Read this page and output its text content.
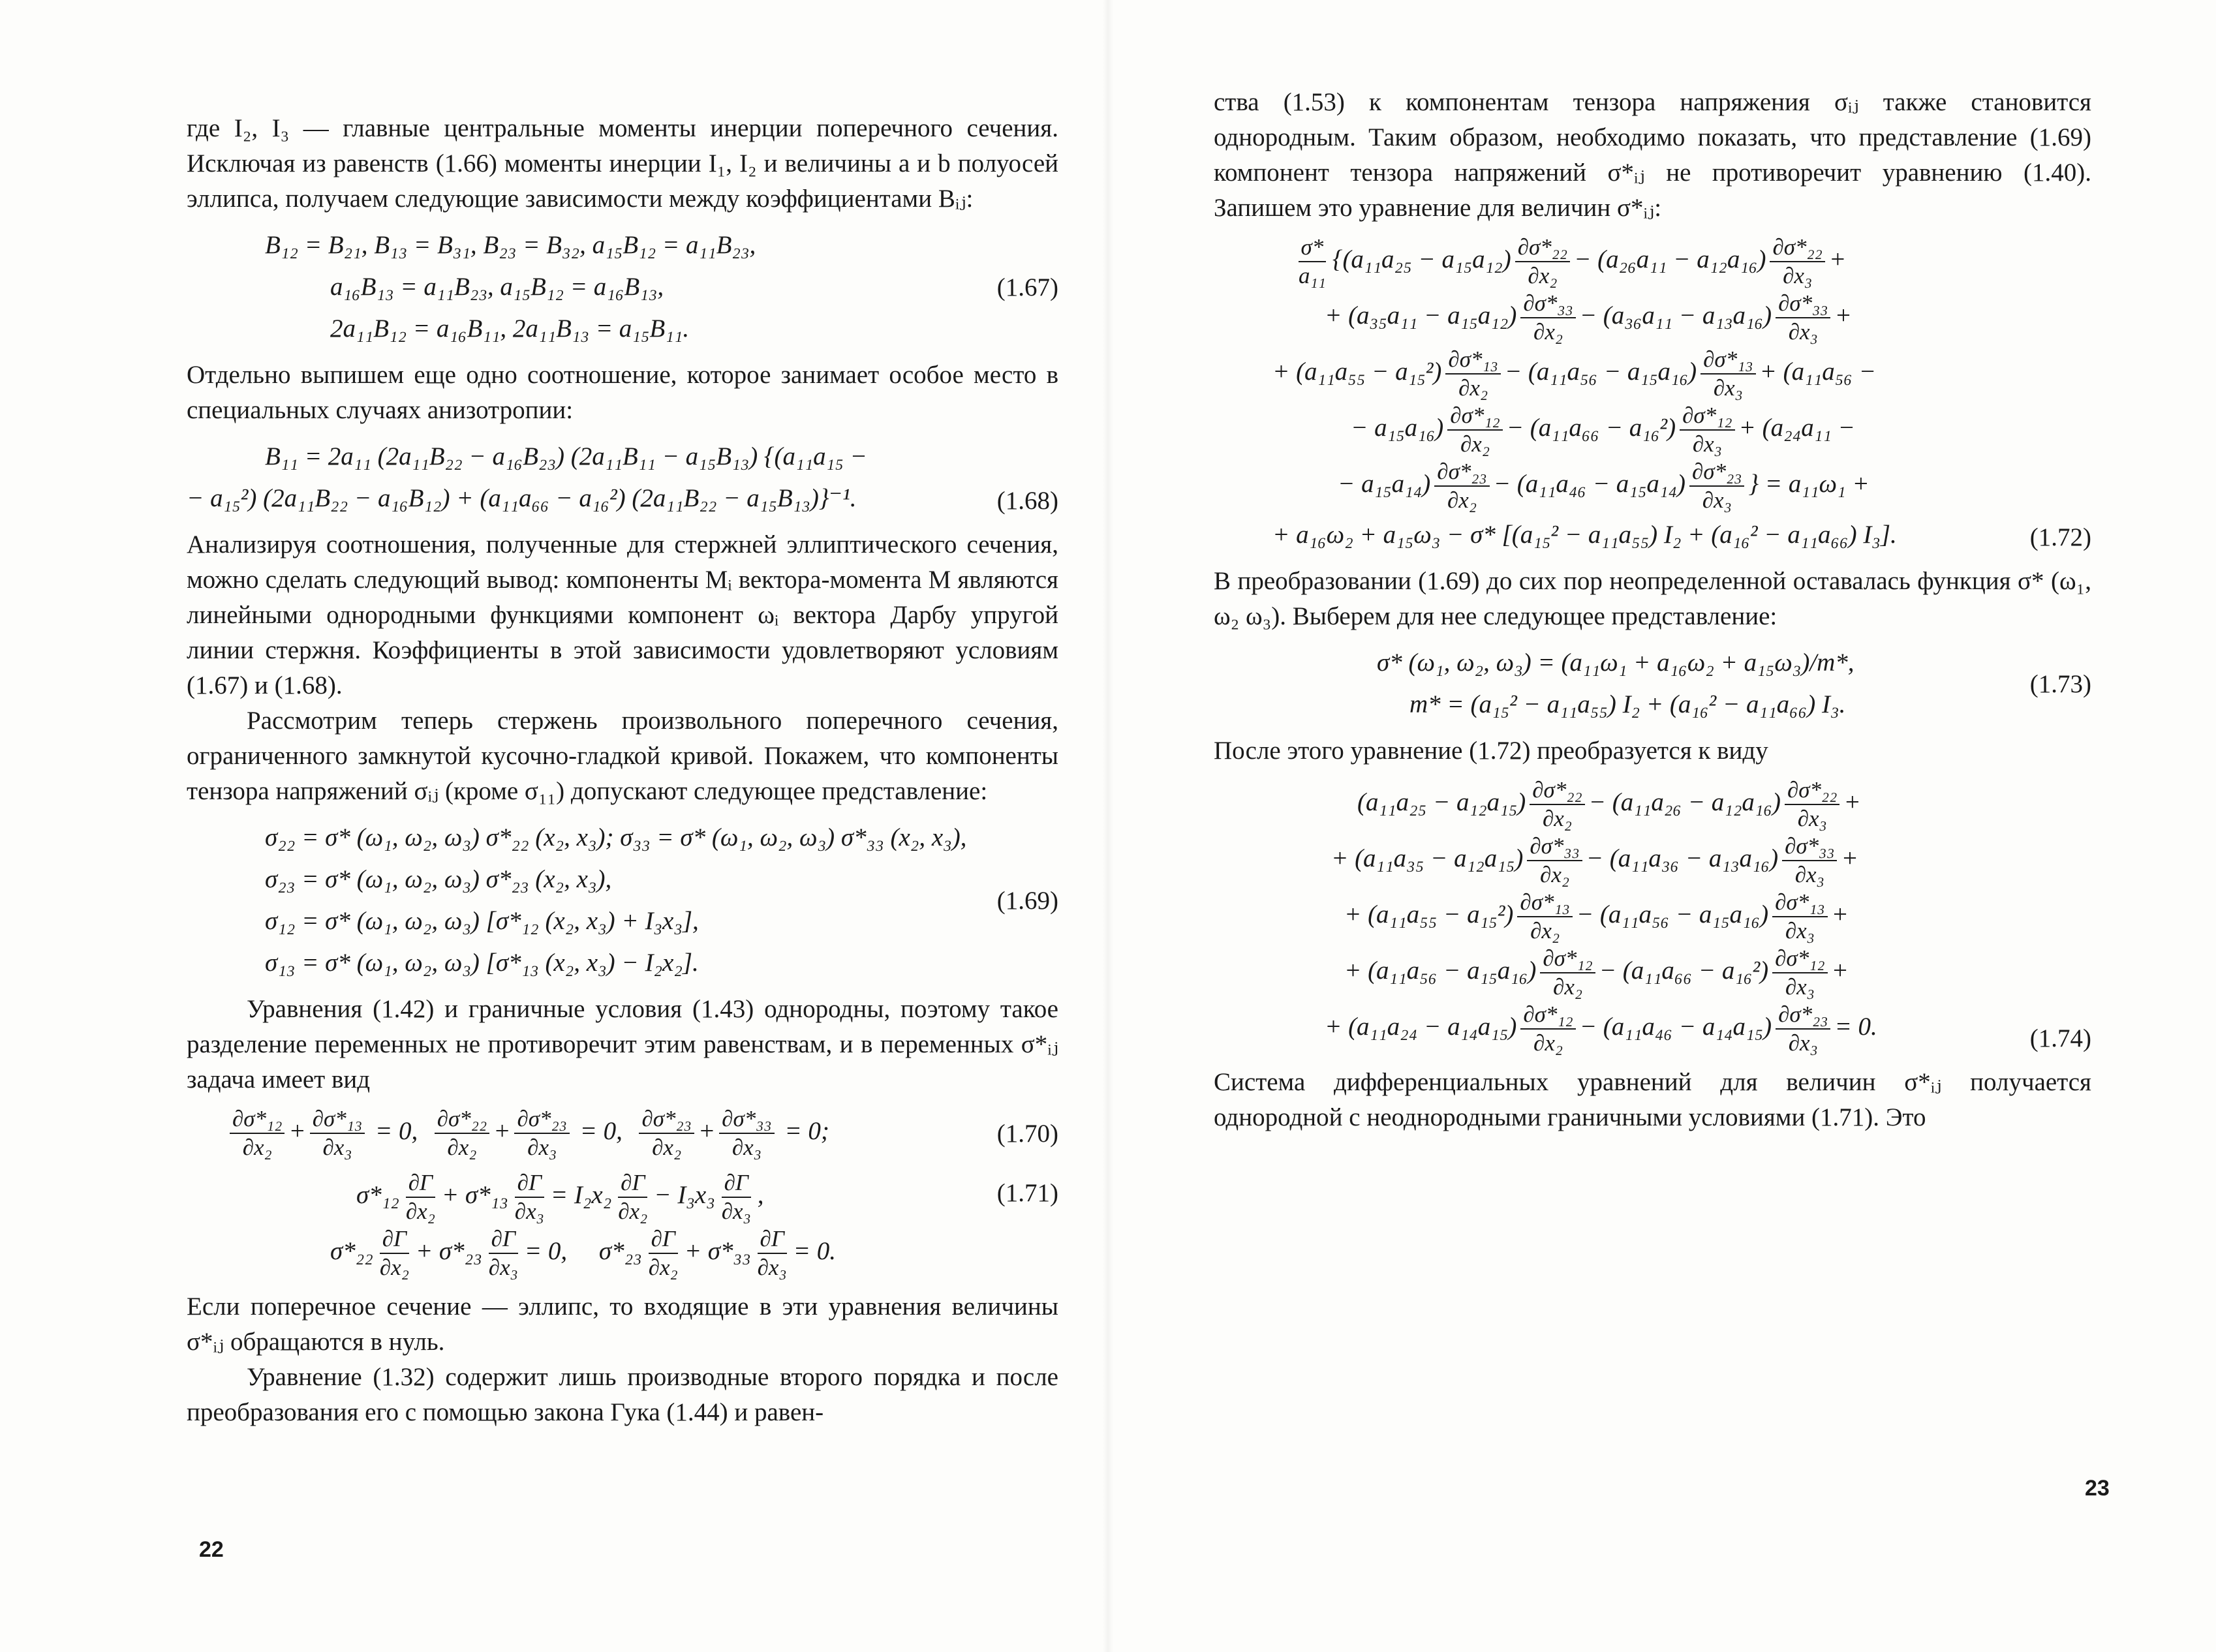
где I₂, I₃ — главные центральные моменты инерции поперечного сечения. Исключая из равенств (1.66) моменты инерции I₁, I₂ и величины a и b полуосей эллипса, получаем следующие зависимости между коэффициентами Bᵢⱼ:

B₁₂ = B₂₁, B₁₃ = B₃₁, B₂₃ = B₃₂, a₁₅B₁₂ = a₁₁B₂₃,
a₁₆B₁₃ = a₁₁B₂₃, a₁₅B₁₂ = a₁₆B₁₃,
2a₁₁B₁₂ = a₁₆B₁₁, 2a₁₁B₁₃ = a₁₅B₁₁.
(1.67)

Отдельно выпишем еще одно соотношение, которое занимает особое место в специальных случаях анизотропии:

B₁₁ = 2a₁₁ (2a₁₁B₂₂ − a₁₆B₂₃) (2a₁₁B₁₁ − a₁₅B₁₃) {(a₁₁a₁₅ −
− a₁₅²) (2a₁₁B₂₂ − a₁₆B₁₂) + (a₁₁a₆₆ − a₁₆²) (2a₁₁B₂₂ − a₁₅B₁₃)}⁻¹.	(1.68)

Анализируя соотношения, полученные для стержней эллиптического сечения, можно сделать следующий вывод: компоненты Mᵢ вектора-момента M являются линейными однородными функциями компонент ωᵢ вектора Дарбу упругой линии стержня. Коэффициенты в этой зависимости удовлетворяют условиям (1.67) и (1.68).

Рассмотрим теперь стержень произвольного поперечного сечения, ограниченного замкнутой кусочно-гладкой кривой. Покажем, что компоненты тензора напряжений σᵢⱼ (кроме σ₁₁) допускают следующее представление:

σ₂₂ = σ* (ω₁, ω₂, ω₃) σ*₂₂ (x₂, x₃); σ₃₃ = σ* (ω₁, ω₂, ω₃) σ*₃₃ (x₂, x₃),
σ₂₃ = σ* (ω₁, ω₂, ω₃) σ*₂₃ (x₂, x₃),
σ₁₂ = σ* (ω₁, ω₂, ω₃) [σ*₁₂ (x₂, x₃) + I₃x₃],
σ₁₃ = σ* (ω₁, ω₂, ω₃) [σ*₁₃ (x₂, x₃) − I₂x₂].
(1.69)

Уравнения (1.42) и граничные условия (1.43) однородны, поэтому такое разделение переменных не противоречит этим равенствам, и в переменных σ*ᵢⱼ задача имеет вид

$\frac{\text{∂σ*₁₂}}{\text{∂x₂}} + \frac{\text{∂σ*₁₃}}{\text{∂x₃}} = 0$, $\frac{\text{∂σ*₂₂}}{\text{∂x₂}} + \frac{\text{∂σ*₂₃}}{\text{∂x₃}} = 0$, $\frac{\text{∂σ*₂₃}}{\text{∂x₂}} + \frac{\text{∂σ*₃₃}}{\text{∂x₃}} = 0$;	(1.70)
$\sigma*_{12} \frac{\partial\Gamma}{\text{∂x₂}} + \sigma*_{13} \frac{\partial\Gamma}{\text{∂x₃}} = I_2x_2 \frac{\partial\Gamma}{\text{∂x₂}} - I_3x_3 \frac{\partial\Gamma}{\text{∂x₃}}$ ,
$\sigma*_{22} \frac{\partial\Gamma}{\text{∂x₂}} + \sigma*_{23} \frac{\partial\Gamma}{\text{∂x₃}} = 0$, $\sigma*_{23} \frac{\partial\Gamma}{\text{∂x₂}} + \sigma*_{33} \frac{\partial\Gamma}{\text{∂x₃}} = 0$.
(1.71)

Если поперечное сечение — эллипс, то входящие в эти уравнения величины σ*ᵢⱼ обращаются в нуль.

Уравнение (1.32) содержит лишь производные второго порядка и после преобразования его с помощью закона Гука (1.44) и равен-

22

ства (1.53) к компонентам тензора напряжения σᵢⱼ также становится однородным. Таким образом, необходимо показать, что представление (1.69) компонент тензора напряжений σ*ᵢⱼ не противоречит уравнению (1.40). Запишем это уравнение для величин σ*ᵢⱼ:

$\frac{\sigma*}{\text{a₁₁}} \{(a_{11}a_{25} - a_{15}a_{12}) \frac{\text{∂σ*₂₂}}{\text{∂x₂}} - (a_{26}a_{11} - a_{12}a_{16}) \frac{\text{∂σ*₂₂}}{\text{∂x₃}}$ +
+ $(a_{35}a_{11} - a_{15}a_{12}) \frac{\text{∂σ*₃₃}}{\text{∂x₂}} - (a_{36}a_{11} - a_{13}a_{16}) \frac{\text{∂σ*₃₃}}{\text{∂x₃}}$ +
+ $(a_{11}a_{55} - a_{15}^2) \frac{\text{∂σ*₁₃}}{\text{∂x₂}} - (a_{11}a_{56} - a_{15}a_{16}) \frac{\text{∂σ*₁₃}}{\text{∂x₃}} + (a_{11}a_{56}$ −
− $a_{15}a_{16}) \frac{\text{∂σ*₁₂}}{\text{∂x₂}} - (a_{11}a_{66} - a_{16}^2) \frac{\text{∂σ*₁₂}}{\text{∂x₃}} + (a_{24}a_{11}$ −
− $a_{15}a_{14}) \frac{\text{∂σ*₂₃}}{\text{∂x₂}} - (a_{11}a_{46} - a_{15}a_{14}) \frac{\text{∂σ*₂₃}}{\text{∂x₃}}$ } = a₁₁ω₁ +
+ a₁₆ω₂ + a₁₅ω₃ − σ* [(a₁₅² − a₁₁a₅₅) I₂ + (a₁₆² − a₁₁a₆₆) I₃].	(1.72)

В преобразовании (1.69) до сих пор неопределенной оставалась функция σ* (ω₁, ω₂ ω₃). Выберем для нее следующее представление:

σ* (ω₁, ω₂, ω₃) = (a₁₁ω₁ + a₁₆ω₂ + a₁₅ω₃)/m*,
m* = (a₁₅² − a₁₁a₅₅) I₂ + (a₁₆² − a₁₁a₆₆) I₃.
(1.73)

После этого уравнение (1.72) преобразуется к виду

$(a_{11}a_{25} - a_{12}a_{15}) \frac{\text{∂σ*₂₂}}{\text{∂x₂}} - (a_{11}a_{26} - a_{12}a_{16}) \frac{\text{∂σ*₂₂}}{\text{∂x₃}}$ +
+ $(a_{11}a_{35} - a_{12}a_{15}) \frac{\text{∂σ*₃₃}}{\text{∂x₂}} - (a_{11}a_{36} - a_{13}a_{16}) \frac{\text{∂σ*₃₃}}{\text{∂x₃}}$ +
+ $(a_{11}a_{55} - a_{15}^2) \frac{\text{∂σ*₁₃}}{\text{∂x₂}} - (a_{11}a_{56} - a_{15}a_{16}) \frac{\text{∂σ*₁₃}}{\text{∂x₃}}$ +
+ $(a_{11}a_{56} - a_{15}a_{16}) \frac{\text{∂σ*₁₂}}{\text{∂x₂}} - (a_{11}a_{66} - a_{16}^2) \frac{\text{∂σ*₁₂}}{\text{∂x₃}}$ +
+ $(a_{11}a_{24} - a_{14}a_{15}) \frac{\text{∂σ*₁₂}}{\text{∂x₂}} - (a_{11}a_{46} - a_{14}a_{15}) \frac{\text{∂σ*₂₃}}{\text{∂x₃}} = 0$.	(1.74)

Система дифференциальных уравнений для величин σ*ᵢⱼ получается однородной с неоднородными граничными условиями (1.71). Это

23
